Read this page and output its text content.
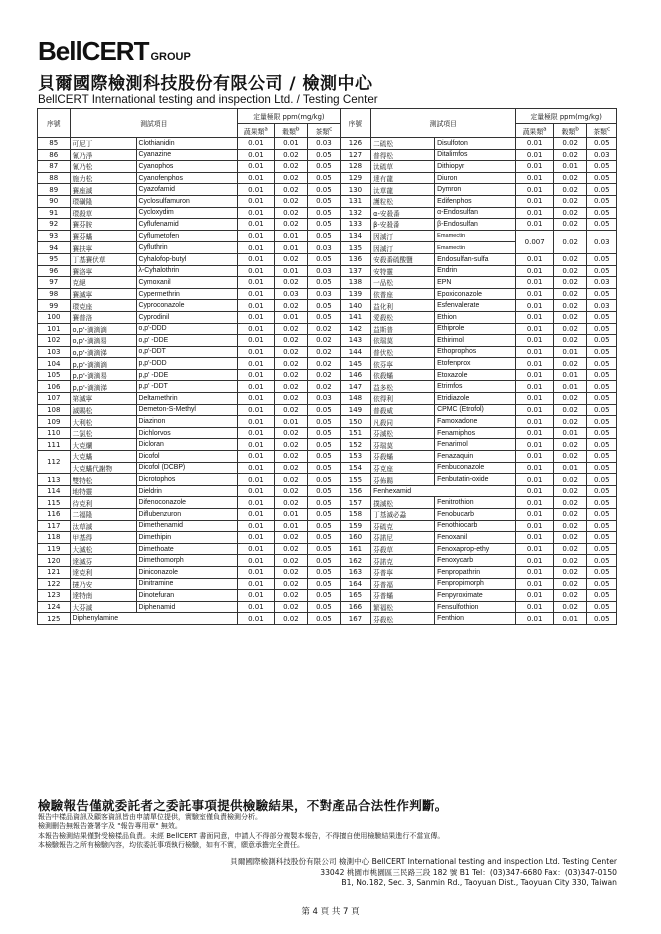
BellCERT GROUP
貝爾國際檢測科技股份有限公司 / 檢測中心
BellCERT International testing and inspection Ltd. / Testing Center
序號	測試項目		定量極限 ppm(mg/kg)			序號	測試項目		定量極限 ppm(mg/kg)		
			蔬果類$^a$	穀類$^b$	茶類$^c$				蔬果類$^a$	穀類$^b$	茶類$^c$
85	可尼丁	Clothianidin	0.01	0.01	0.03	126	二硫松	Disulfoton	0.01	0.02	0.05
86	氰乃淨	Cyanazine	0.01	0.02	0.05	127	普得松	Ditalimfos	0.01	0.02	0.03
87	氰乃松	Cyanophos	0.01	0.02	0.05	128	汰硫草	Dithiopyr	0.01	0.01	0.05
88	施力松	Cyanofenphos	0.01	0.02	0.05	129	達有龍	Diuron	0.01	0.02	0.05
89	賽座滅	Cyazofamid	0.01	0.02	0.05	130	汰草龍	Dymron	0.01	0.02	0.05
90	環磺隆	Cyclosulfamuron	0.01	0.02	0.05	131	護粒松	Edifenphos	0.01	0.02	0.05
91	環殺草	Cycloxydim	0.01	0.02	0.05	132	α-安殺番	α-Endosulfan	0.01	0.02	0.05
92	賽芬胺	Cyflufenamid	0.01	0.02	0.05	133	β-安殺番	β-Endosulfan	0.01	0.02	0.05
93	賽芬蟎	Cyflumetofen	0.01	0.01	0.05	134	因滅汀	Emamectin	0.007	0.02	0.03
94	賽扶寧	Cyfluthrin	0.01	0.01	0.03	135	因滅汀	Emamectin			
95	丁基賽伏草	Cyhalofop-butyl	0.01	0.02	0.05	136	安殺番硫酸鹽	Endosulfan-sulfa	0.01	0.02	0.05
96	賽洛寧	λ-Cyhalothrin	0.01	0.01	0.03	137	安特靈	Endrin	0.01	0.02	0.05
97	克絕	Cymoxanil	0.01	0.02	0.05	138	一品松	EPN	0.01	0.02	0.03
98	賽滅寧	Cypermethrin	0.01	0.03	0.03	139	依普座	Epoxiconazole	0.01	0.02	0.05
99	環克座	Cyproconazole	0.01	0.02	0.05	140	益化利	Esfenvalerate	0.01	0.02	0.03
100	賽普洛	Cyprodinil	0.01	0.01	0.05	141	愛殺松	Ethion	0.01	0.02	0.05
101	o,p'-滴滴滴	o,p'-DDD	0.01	0.02	0.02	142	益斯普	Ethiprole	0.01	0.02	0.05
102	o,p'-滴滴易	o,p' -DDE	0.01	0.02	0.02	143	依瑞莫	Ethirimol	0.01	0.02	0.05
103	o,p'-滴滴涕	o,p'-DDT	0.01	0.02	0.02	144	普伏松	Ethoprophos	0.01	0.01	0.05
104	p,p'-滴滴滴	p,p'-DDD	0.01	0.02	0.02	145	依芬寧	Etofenprox	0.01	0.02	0.05
105	p,p'-滴滴易	p,p' -DDE	0.01	0.02	0.02	146	依殺蟎	Etoxazole	0.01	0.01	0.05
106	p,p'-滴滴涕	p,p' -DDT	0.01	0.02	0.02	147	益多松	Etrimfos	0.01	0.01	0.05
107	第滅寧	Deltamethrin	0.01	0.02	0.03	148	依得利	Etridiazole	0.01	0.02	0.05
108	滅賜松	Demeton-S-Methyl	0.01	0.02	0.05	149	普殺威	CPMC (Etrofol)	0.01	0.02	0.05
109	大利松	Diazinon	0.01	0.01	0.05	150	凡殺同	Famoxadone	0.01	0.02	0.05
110	二氯松	Dichlorvos	0.01	0.02	0.05	151	芬滅松	Fenamiphos	0.01	0.01	0.05
111	大克爛	Dicloran	0.01	0.02	0.05	152	芬瑞莫	Fenarimol	0.01	0.02	0.05
112	大克蟎	Dicofol	0.01	0.02	0.05	153	芬殺蟎	Fenazaquin	0.01	0.02	0.05
	大克蟎代謝物	Dicofol (DCBP)	0.01	0.02	0.05	154	芬克座	Fenbuconazole	0.01	0.01	0.05
113	雙特松	Dicrotophos	0.01	0.02	0.05	155	芬佈賜	Fenbutatin-oxide	0.01	0.02	0.05
114	地特靈	Dieldrin	0.01	0.02	0.05	156	Fenhexamid		0.01	0.02	0.05
115	待克利	Difenoconazole	0.01	0.02	0.05	157	撲滅松	Fenitrothion	0.01	0.02	0.05
116	二福隆	Diflubenzuron	0.01	0.01	0.05	158	丁基滅必蝨	Fenobucarb	0.01	0.02	0.05
117	汰草滅	Dimethenamid	0.01	0.01	0.05	159	芬硫克	Fenothiocarb	0.01	0.02	0.05
118	甲基得	Dimethipin	0.01	0.02	0.05	160	芬諾尼	Fenoxanil	0.01	0.02	0.05
119	大滅松	Dimethoate	0.01	0.02	0.05	161	芬殺草	Fenoxaprop-ethy	0.01	0.02	0.05
120	達滅芬	Dimethomorph	0.01	0.02	0.05	162	芬諾克	Fenoxycarb	0.01	0.02	0.05
121	達克利	Diniconazole	0.01	0.02	0.05	163	芬普寧	Fenpropathrin	0.01	0.02	0.05
122	撻乃安	Dinitramine	0.01	0.02	0.05	164	芬普福	Fenpropimorph	0.01	0.02	0.05
123	達特南	Dinotefuran	0.01	0.02	0.05	165	芬普蟎	Fenpyroximate	0.01	0.02	0.05
124	大芬滅	Diphenamid	0.01	0.02	0.05	166	繁福松	Fensulfothion	0.01	0.02	0.05
125	Diphenylamine		0.01	0.02	0.05	167	芬殺松	Fenthion	0.01	0.01	0.05
檢驗報告僅就委託者之委託事項提供檢驗結果，不對產品合法性作判斷。
報告中樣品資訊及顧客資訊皆由申請單位提供，實驗室僅負責檢測分析。
檢測刪告無報告簽署字及 "報告專用章" 無效。
本報告檢測結果僅對受檢樣品負責。未經 BellCERT 書面同意，申請人不得部分複製本報告，不得擅自使用檢驗結果進行不當宣傳。
本檢驗報告之所有檢驗內容，均依委託事項執行檢驗，如有不實，願意承擔完全責任。
貝爾國際檢測科技股份有限公司 檢測中心 BellCERT International testing and inspection Ltd. Testing Center
33042 桃園市桃園區三民路三段 182 號 B1 Tel：(03)347-6680 Fax：(03)347-0150
B1, No.182, Sec. 3, Sanmin Rd., Taoyuan Dist., Taoyuan City 330, Taiwan
第 4 頁 共 7 頁
